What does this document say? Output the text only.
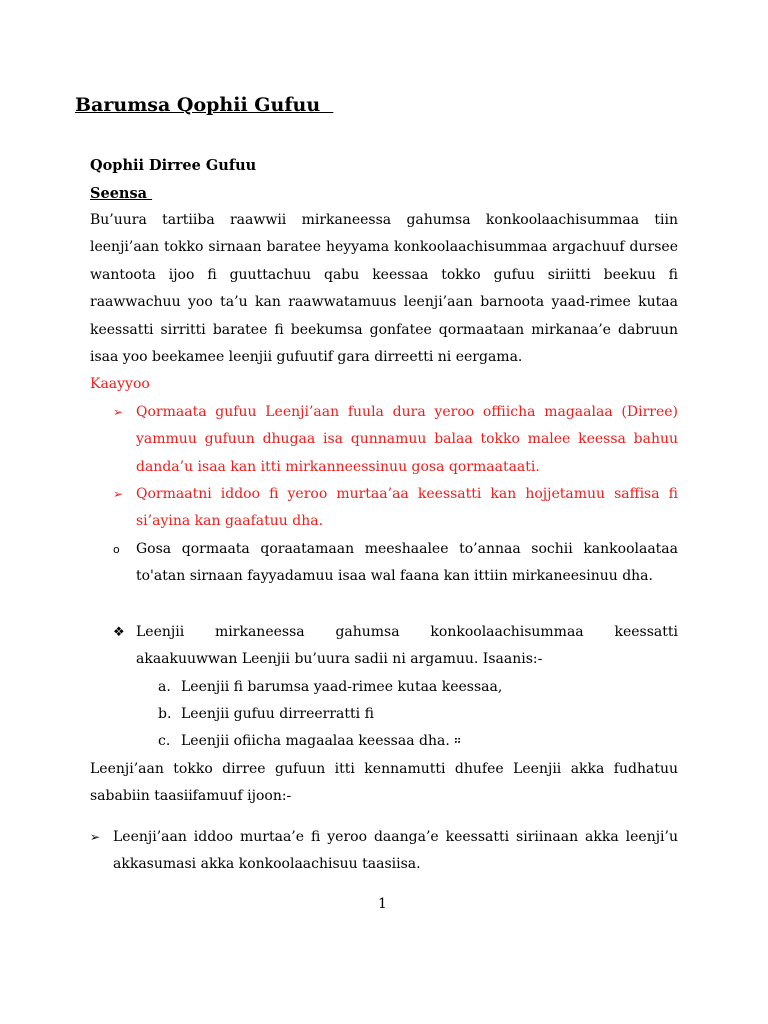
Barumsa Qophii Gufuu

Qophii Dirree Gufuu

Seensa

Bu’uura tartiiba raawwii mirkaneessa gahumsa konkoolaachisummaa tiin leenji’aan tokko sirnaan baratee heyyama konkoolaachisummaa argachuuf dursee wantoota ijoo fi guuttachuu qabu keessaa tokko gufuu siriitti beekuu fi raawwachuu yoo ta’u kan raawwatamuus leenji’aan barnoota yaad-rimee kutaa keessatti sirritti baratee fi beekumsa gonfatee qormaataan mirkanaa’e dabruun isaa yoo beekamee leenjii gufuutif gara dirreetti ni eergama.

Kaayyoo

➢ Qormaata gufuu Leenji’aan fuula dura yeroo offiicha magaalaa (Dirree) yammuu gufuun dhugaa isa qunnamuu balaa tokko malee keessa bahuu danda’u isaa kan itti mirkanneessinuu gosa qormaataati.
➢ Qormaatni iddoo fi yeroo murtaa’aa keessatti kan hojjetamuu saffisa fi si’ayina kan gaafatuu dha.
o	Gosa qormaata qoraatamaan meeshaalee to’annaa sochii kankoolaataa to'atan sirnaan fayyadamuu isaa wal faana kan ittiin mirkaneesinuu dha.
❖ Leenjii mirkaneessa gahumsa konkoolaachisummaa keessatti akaakuuwwan Leenjii bu’uura sadii ni argamuu. Isaanis:-
a. Leenjii fi barumsa yaad-rimee kutaa keessaa,
b. Leenjii gufuu dirreerratti fi
c. Leenjii ofiicha magaalaa keessaa dha. ።

Leenji’aan tokko dirree gufuun itti kennamutti dhufee Leenjii akka fudhatuu sababiin taasiifamuuf ijoon:-

➢ Leenji’aan iddoo murtaa’e fi yeroo daanga’e keessatti siriinaan akka leenji’u akkasumasi akka konkoolaachisuu taasiisa.

1
